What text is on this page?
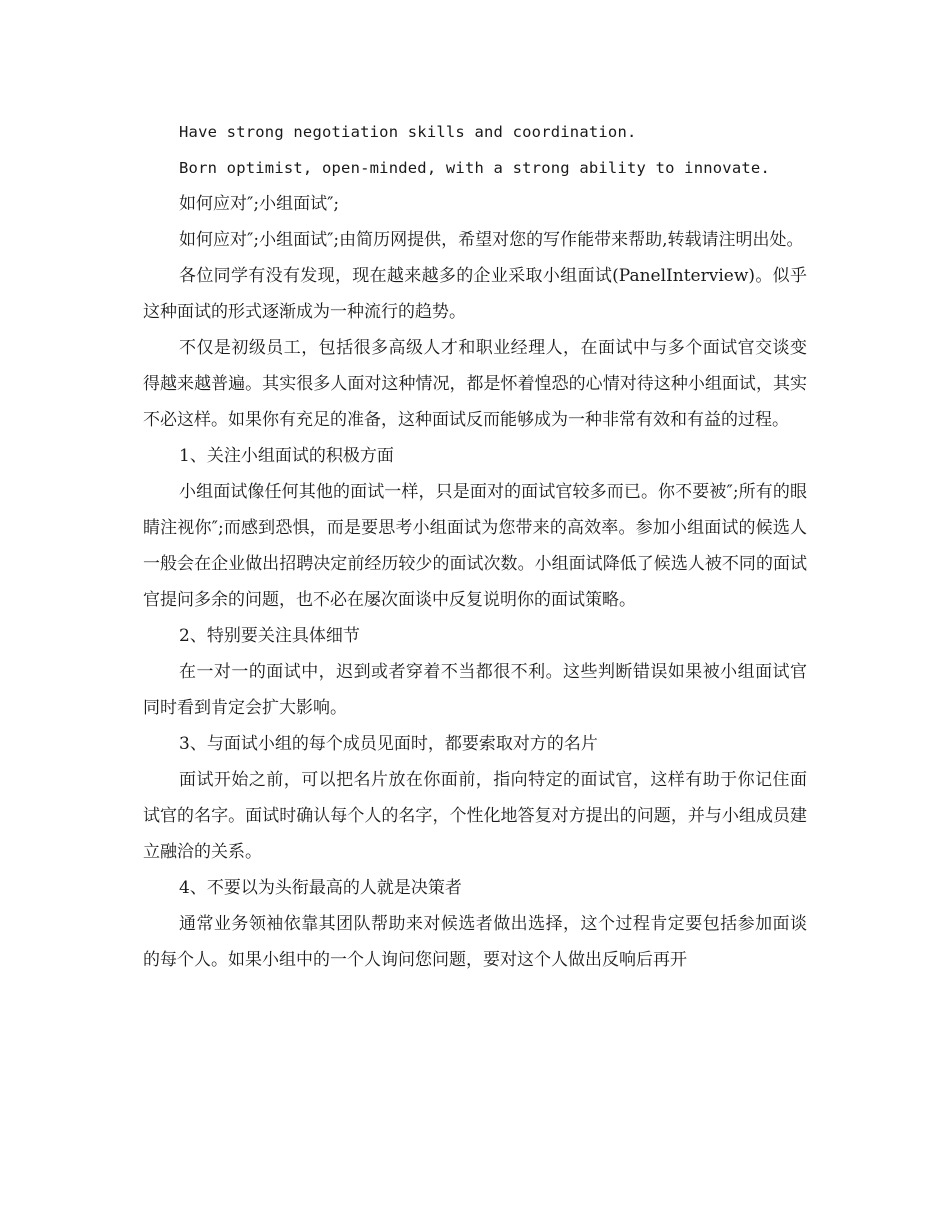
Have strong negotiation skills and coordination.

Born optimist, open-minded, with a strong ability to innovate.

如何应对″;小组面试″;

如何应对″;小组面试″;由简历网提供，希望对您的写作能带来帮助,转载请注明出处。

各位同学有没有发现，现在越来越多的企业采取小组面试(PanelInterview)。似乎这种面试的形式逐渐成为一种流行的趋势。

不仅是初级员工，包括很多高级人才和职业经理人，在面试中与多个面试官交谈变得越来越普遍。其实很多人面对这种情况，都是怀着惶恐的心情对待这种小组面试，其实不必这样。如果你有充足的准备，这种面试反而能够成为一种非常有效和有益的过程。

1、关注小组面试的积极方面

小组面试像任何其他的面试一样，只是面对的面试官较多而已。你不要被″;所有的眼睛注视你″;而感到恐惧，而是要思考小组面试为您带来的高效率。参加小组面试的候选人一般会在企业做出招聘决定前经历较少的面试次数。小组面试降低了候选人被不同的面试官提问多余的问题，也不必在屡次面谈中反复说明你的面试策略。

2、特别要关注具体细节

在一对一的面试中，迟到或者穿着不当都很不利。这些判断错误如果被小组面试官同时看到肯定会扩大影响。

3、与面试小组的每个成员见面时，都要索取对方的名片

面试开始之前，可以把名片放在你面前，指向特定的面试官，这样有助于你记住面试官的名字。面试时确认每个人的名字，个性化地答复对方提出的问题，并与小组成员建立融洽的关系。

4、不要以为头衔最高的人就是决策者

通常业务领袖依靠其团队帮助来对候选者做出选择，这个过程肯定要包括参加面谈的每个人。如果小组中的一个人询问您问题，要对这个人做出反响后再开
